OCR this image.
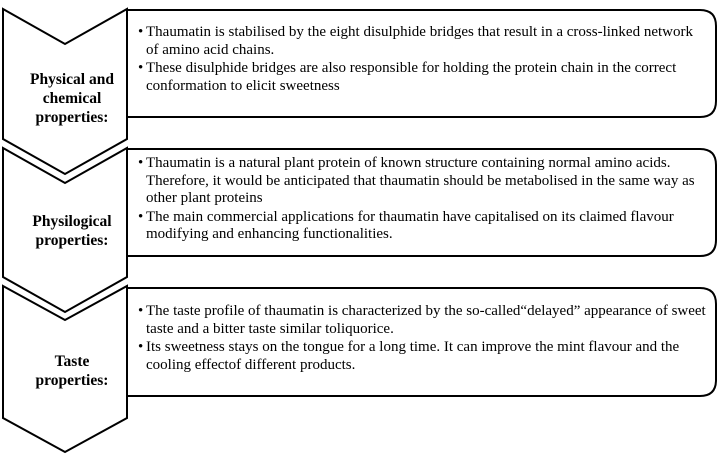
Physical and
chemical
properties:
• Thaumatin is stabilised by the eight disulphide bridges that result in a cross-linked network of amino acid chains.
• These disulphide bridges are also responsible for holding the protein chain in the correct conformation to elicit sweetness
Physilogical
properties:
• Thaumatin is a natural plant protein of known structure containing normal amino acids. Therefore, it would be anticipated that thaumatin should be metabolised in the same way as other plant proteins
• The main commercial applications for thaumatin have capitalised on its claimed flavour modifying and enhancing functionalities.
Taste
properties:
• The taste profile of thaumatin is characterized by the so-called“delayed” appearance of sweet taste and a bitter taste similar toliquorice.
• Its sweetness stays on the tongue for a long time. It can improve the mint flavour and the cooling effectof different products.
